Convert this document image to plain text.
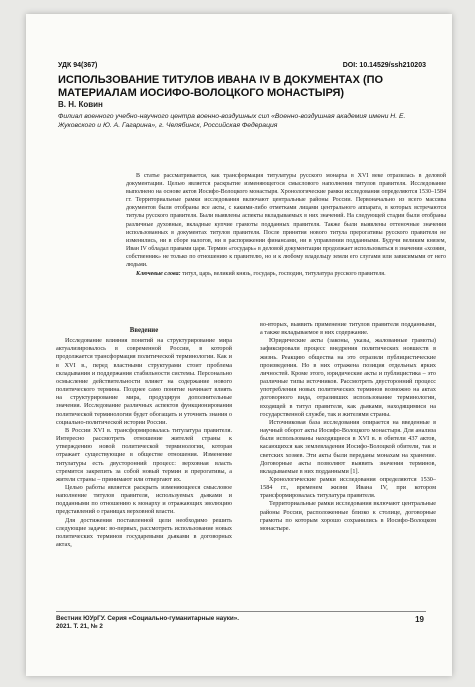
УДК 94(367)	DOI: 10.14529/ssh210203
ИСПОЛЬЗОВАНИЕ ТИТУЛОВ ИВАНА IV В ДОКУМЕНТАХ (ПО МАТЕРИАЛАМ ИОСИФО-ВОЛОЦКОГО МОНАСТЫРЯ)
В. Н. Ковин
Филиал военного учебно-научного центра военно-воздушных сил «Военно-воздушная академия имени Н. Е. Жуковского и Ю. А. Гагарина», г. Челябинск, Российская Федерация

В статье рассматривается, как трансформация титулатуры русского монарха в XVI веке отразилась в деловой документации. Целью является раскрытие изменяющегося смыслового наполнения титулов правителя. Исследование выполнено на основе актов Иосифо-Волоцкого монастыря. Хронологические рамки исследования определяются 1530–1584 гг. Территориальные рамки исследования включают центральные районы России. Первоначально из всего массива документов были отобраны все акты, с какими-либо отметками лицами центрального аппарата, в которых встречаются титулы русского правителя. Были выявлены аспекты вкладываемых в них значений. На следующей стадии были отобраны различные духовные, вкладные купчие грамоты подданных правителя. Также были выявлены оттеночные значения использованных в документах титулов правителя. После принятия нового титула прерогативы русского правителя не изменились, ни в сборе налогов, ни в распоряжении финансами, ни в управлении подданными. Будучи великим князем, Иван IV обладал правами царя. Термин «государь» в деловой документации продолжает использоваться в значении «хозяин, собственник» не только по отношению к правителю, но и к любому владельцу земли его слугами или зависимыми от него людьми.

Ключевые слова: титул, царь, великий князь, государь, господин, титулатура русского правителя.

Введение

Исследование влияния понятий на структурирование мира актуализировалось в современной России, в которой продолжается трансформация политической терминологии. Как и в XVI в., перед властными структурами стоит проблема складывания и поддержания стабильности системы. Персонально осмысление действительности влияет на содержание нового политического термина. Позднее само понятие начинает влиять на структурирование мира, продуцируя дополнительные значения. Исследование различных аспектов функционирования политической терминологии будет обогащать и уточнять знания о социально-политической истории России.

В России XVI в. трансформировалась титулатура правителя. Интересно рассмотреть отношение жителей страны к утверждению новой политической терминологии, которая отражает существующие в обществе отношения. Изменение титулатуры есть двусторонний процесс: верховная власть стремится закрепить за собой новый термин и прерогативы, а жители страны – принимают или отвергают их.

Целью работы является раскрыть изменяющееся смысловое наполнение титулов правителя, используемых дьяками и подданными по отношению к монарху и отражающих эволюцию представлений о границах верховной власти.

Для достижения поставленной цели необходимо решить следующие задачи: во-первых, рассмотреть использование новых политических терминов государевыми дьяками в договорных актах,

во-вторых, выявить применение титулов правителя подданными, а также вкладываемое в них содержание.

Юридические акты (законы, указы, жалованные грамоты) зафиксировали процесс внедрения политических новшеств в жизнь. Реакцию общества на это отразили публицистические произведения. Но в них отражена позиция отдельных ярких личностей. Кроме этого, юридические акты и публицистика – это различные типы источников. Рассмотреть двусторонний процесс употребления новых политических терминов возможно на актах договорного вида, отразивших использование терминологии, входящей в титул правителя, как дьяками, находящимися на государственной службе, так и жителями страны.

Источниковая база исследования опирается на введенные в научный оборот акты Иосифо-Волоцкого монастыря. Для анализа были использованы находящиеся в XVI в. в обители 437 актов, касающихся как землевладения Иосифо-Волоцкой обители, так и светских хозяев. Эти акты были переданы монахам на хранение. Договорные акты позволяют выявить значения терминов, вкладываемые в них подданными [1].

Хронологические рамки исследования определяются 1530–1584 гг., временем жизни Ивана IV, при котором трансформировалась титулатура правителя.

Территориальные рамки исследования включают центральные районы России, расположенные близко к столице, договорные грамоты по которым хорошо сохранились в Иосифо-Волоцком монастыре.

Вестник ЮУрГУ. Серия «Социально-гуманитарные науки».
2021. Т. 21, № 2
19
